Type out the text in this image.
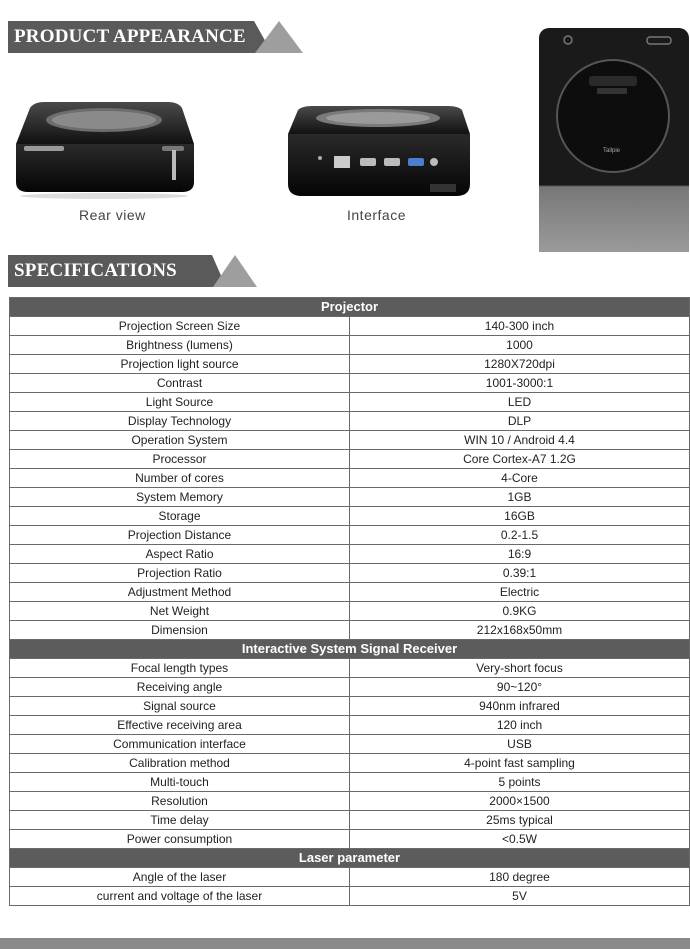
PRODUCT APPEARANCE
Rear view	Interface
Tallpie
SPECIFICATIONS
Projector	
Projection Screen Size	140-300 inch
Brightness (lumens)	1000
Projection light source	1280X720dpi
Contrast	1001-3000:1
Light Source	LED
Display Technology	DLP
Operation System	WIN 10 / Android 4.4
Processor	Core Cortex-A7 1.2G
Number of cores	4-Core
System Memory	1GB
Storage	16GB
Projection Distance	0.2-1.5
Aspect Ratio	16:9
Projection Ratio	0.39:1
Adjustment Method	Electric
Net Weight	0.9KG
Dimension	212x168x50mm
Interactive System Signal Receiver	
Focal length types	Very-short focus
Receiving angle	90~120°
Signal source	940nm infrared
Effective receiving area	120 inch
Communication interface	USB
Calibration method	4-point fast sampling
Multi-touch	5 points
Resolution	2000×1500
Time delay	25ms typical
Power consumption	<0.5W
Laser parameter	
Angle of the laser	180 degree
current and voltage of the laser	5V
